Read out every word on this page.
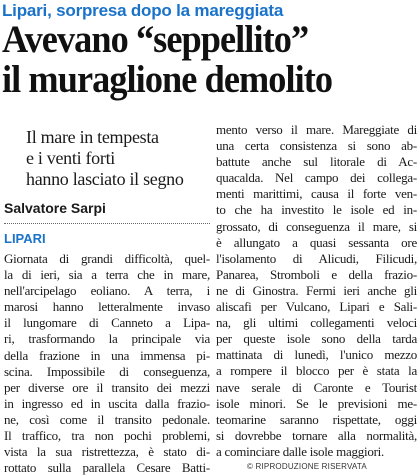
Lipari, sorpresa dopo la mareggiata
Avevano “seppellito”
il muraglione demolito
Il mare in tempesta
e i venti forti
hanno lasciato il segno
Salvatore Sarpi
LIPARI
Giornata di grandi difficoltà, quel-
la di ieri, sia a terra che in mare,
nell'arcipelago eoliano. A terra, i
marosi hanno letteralmente invaso
il lungomare di Canneto a Lipa-
ri, trasformando la principale via
della frazione in una immensa pi-
scina. Impossibile di conseguenza,
per diverse ore il transito dei mezzi
in ingresso ed in uscita dalla frazio-
ne, così come il transito pedonale.
Il traffico, tra non pochi problemi,
vista la sua ristrettezza, è stato di-
rottato sulla parallela Cesare Batti-
mento verso il mare. Mareggiate di
una certa consistenza si sono ab-
battute anche sul litorale di Ac-
quacalda. Nel campo dei collega-
menti marittimi, causa il forte ven-
to che ha investito le isole ed in-
grossato, di conseguenza il mare, si
è allungato a quasi sessanta ore
l'isolamento di Alicudi, Filicudi,
Panarea, Stromboli e della frazio-
ne di Ginostra. Fermi ieri anche gli
aliscafi per Vulcano, Lipari e Sali-
na, gli ultimi collegamenti veloci
per queste isole sono della tarda
mattinata di lunedì, l'unico mezzo
a rompere il blocco per è stata la
nave serale di Caronte e Tourist
isole minori. Se le previsioni me-
teomarine saranno rispettate, oggi
si dovrebbe tornare alla normalità,
a cominciare dalle isole maggiori.
© RIPRODUZIONE RISERVATA
